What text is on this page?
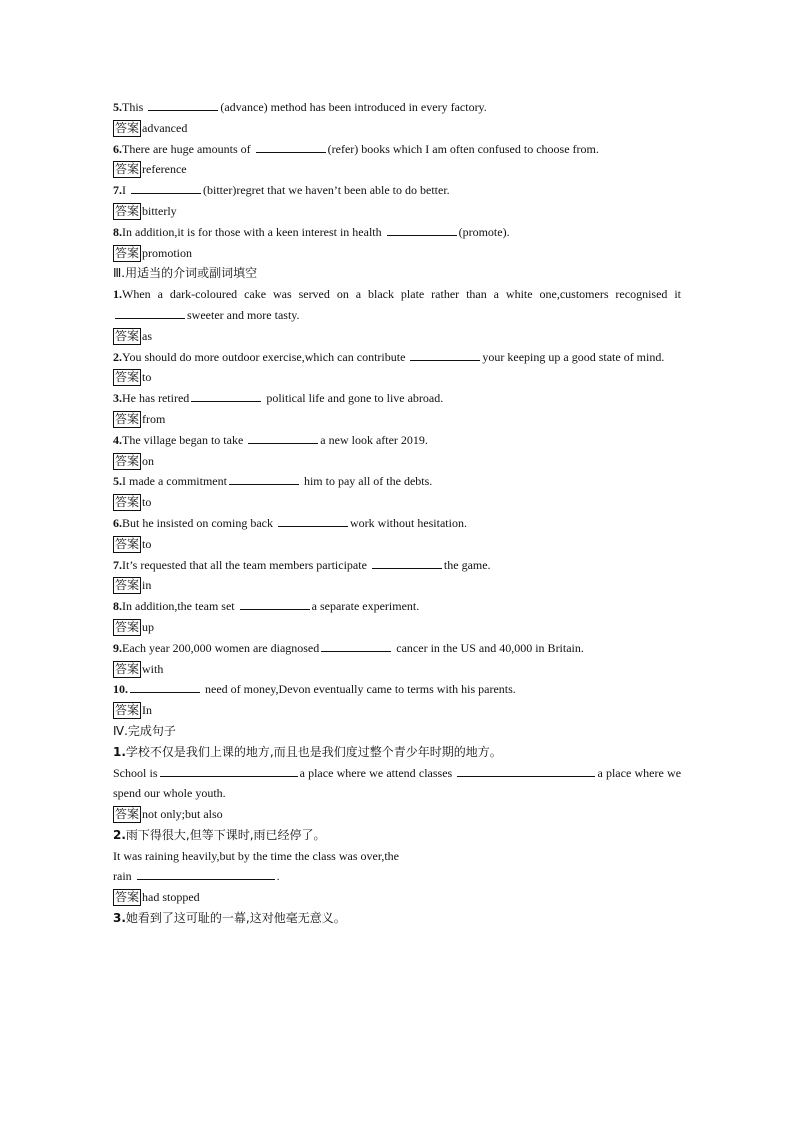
5.This	(advance) method has been introduced in every factory.
答案 advanced
6.There are huge amounts of	(refer) books which I am often confused to choose from.
答案 reference
7.I	(bitter)regret that we haven’t been able to do better.
答案 bitterly
8.In addition,it is for those with a keen interest in health	(promote).
答案 promotion
Ⅲ.用适当的介词或副词填空
1.When a dark-coloured cake was served on a black plate rather than a white one,customers recognised it sweeter and more tasty.
答案 as
2.You should do more outdoor exercise,which can contribute	your keeping up a good state of mind.
答案 to
3.He has retired	political life and gone to live abroad.
答案 from
4.The village began to take	a new look after 2019.
答案 on
5.I made a commitment	him to pay all of the debts.
答案 to
6.But he insisted on coming back	work without hesitation.
答案 to
7.It’s requested that all the team members participate	the game.
答案 in
8.In addition,the team set	a separate experiment.
答案 up
9.Each year 200,000 women are diagnosed	cancer in the US and 40,000 in Britain.
答案 with
10.	need of money,Devon eventually came to terms with his parents.
答案 In
Ⅳ.完成句子
1.学校不仅是我们上课的地方,而且也是我们度过整个青少年时期的地方。
School is	a place where we attend classes	a place where we spend our whole youth.
答案 not only;but also
2.雨下得很大,但等下课时,雨已经停了。
It was raining heavily,but by the time the class was over,the
rain	.
答案 had stopped
3.她看到了这可耻的一幕,这对他毫无意义。
